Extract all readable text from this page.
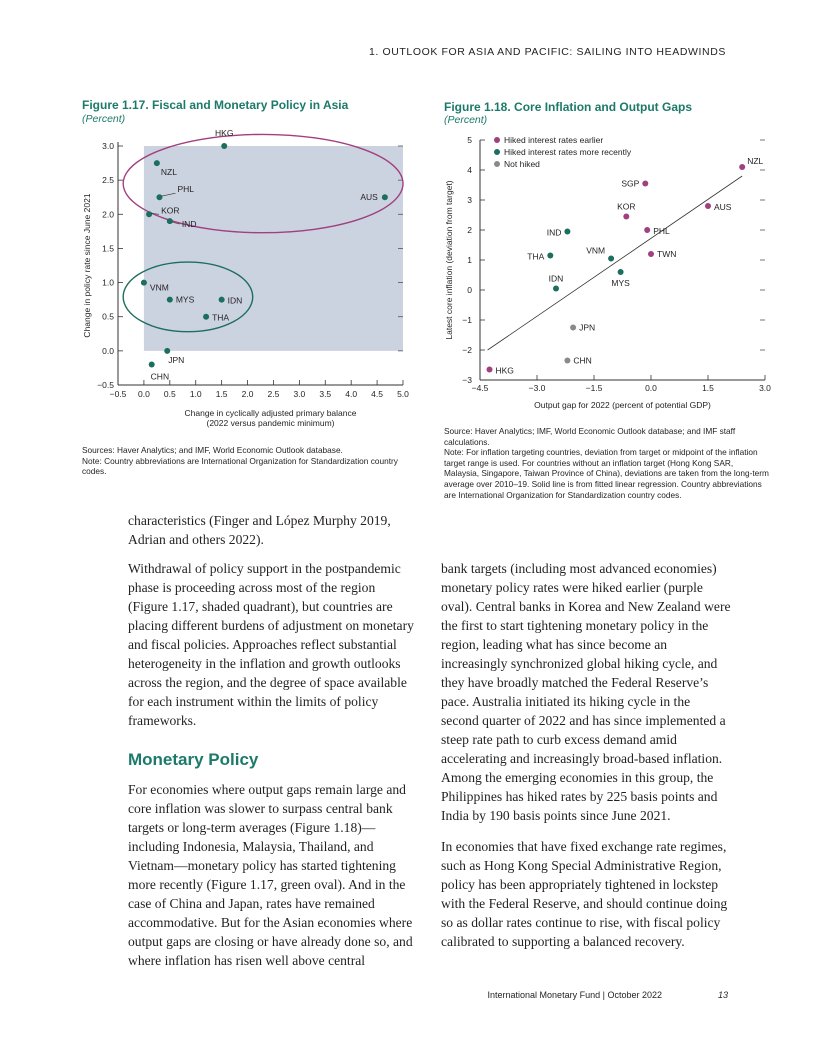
1. OUTLOOK FOR ASIA AND PACIFIC: SAILING INTO HEADWINDS
Figure 1.17. Fiscal and Monetary Policy in Asia
(Percent)
−0.5
0.0
0.5
1.0
1.5
2.0
2.5
3.0
−0.5 0.0 0.5 1.0 1.5 2.0 2.5 3.0 3.5 4.0 4.5 5.0
HKG
NZL
PHL
KOR
IND
AUS
VNM
MYS	IDN
THA
JPN
CHN
Change in cyclically adjusted primary balance
(2022 versus pandemic minimum)
Change in policy rate since June 2021
Sources: Haver Analytics; and IMF, World Economic Outlook database.
Note: Country abbreviations are International Organization for Standardization country codes.
Figure 1.18. Core Inflation and Output Gaps
(Percent)
−3
−2
−1
0
1
2
3
4
5
−4.5	−3.0	−1.5	0.0	1.5	3.0
Hiked interest rates earlier
Hiked interest rates more recently
Not hiked	NZL
SGP
KOR	AUS
PHL
IND
TWN
THA
VNM
MYS
IDN
JPN
CHN
HKG
Output gap for 2022 (percent of potential GDP)
Latest core inflation (deviation from target)
Source: Haver Analytics; IMF, World Economic Outlook database; and IMF staff calculations.
Note: For inflation targeting countries, deviation from target or midpoint of the inflation target range is used. For countries without an inflation target (Hong Kong SAR, Malaysia, Singapore, Taiwan Province of China), deviations are taken from the long-term average over 2010–19. Solid line is from fitted linear regression. Country abbreviations are International Organization for Standardization country codes.

characteristics (Finger and López Murphy 2019, Adrian and others 2022).

Withdrawal of policy support in the postpandemic phase is proceeding across most of the region (Figure 1.17, shaded quadrant), but countries are placing different burdens of adjustment on monetary and fiscal policies. Approaches reflect substantial heterogeneity in the inflation and growth outlooks across the region, and the degree of space available for each instrument within the limits of policy frameworks.

Monetary Policy

For economies where output gaps remain large and core inflation was slower to surpass central bank targets or long-term averages (Figure 1.18)—including Indonesia, Malaysia, Thailand, and Vietnam—monetary policy has started tightening more recently (Figure 1.17, green oval). And in the case of China and Japan, rates have remained accommodative. But for the Asian economies where output gaps are closing or have already done so, and where inflation has risen well above central

bank targets (including most advanced economies) monetary policy rates were hiked earlier (purple oval). Central banks in Korea and New Zealand were the first to start tightening monetary policy in the region, leading what has since become an increasingly synchronized global hiking cycle, and they have broadly matched the Federal Reserve’s pace. Australia initiated its hiking cycle in the second quarter of 2022 and has since implemented a steep rate path to curb excess demand amid accelerating and increasingly broad-based inflation. Among the emerging economies in this group, the Philippines has hiked rates by 225 basis points and India by 190 basis points since June 2021.

In economies that have fixed exchange rate regimes, such as Hong Kong Special Administrative Region, policy has been appropriately tightened in lockstep with the Federal Reserve, and should continue doing so as dollar rates continue to rise, with fiscal policy calibrated to supporting a balanced recovery.

International Monetary Fund | October 2022	13
